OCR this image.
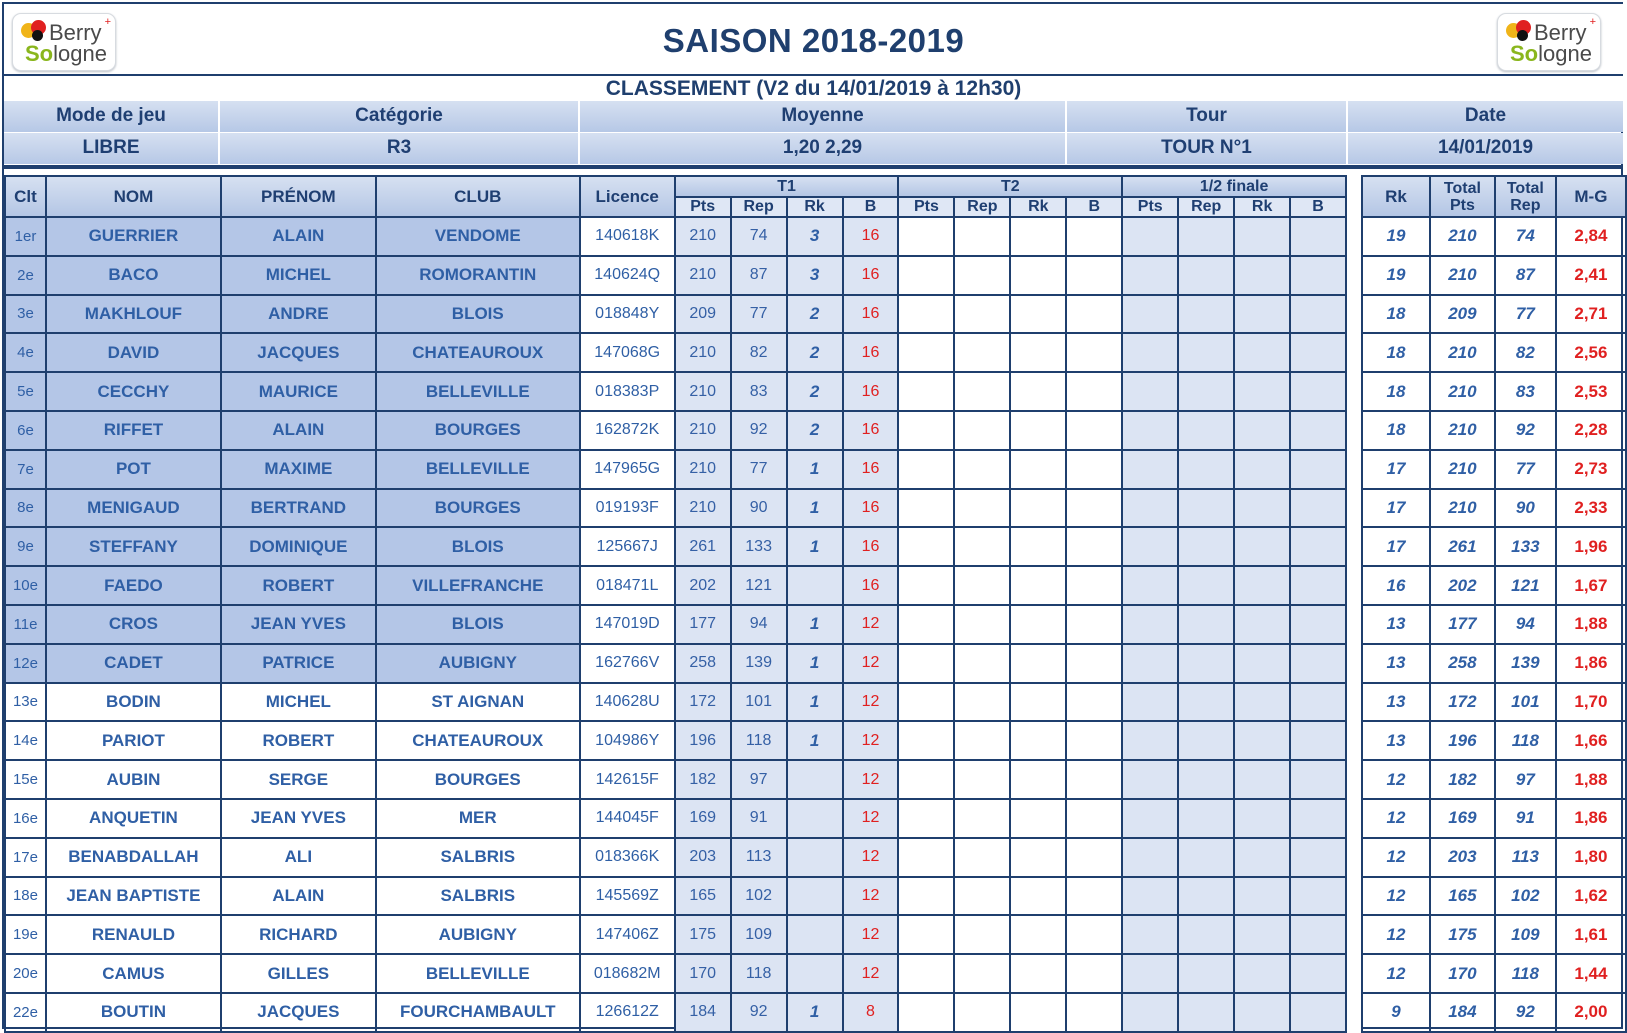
+
Berry
Sologne	SAISON 2018-2019	+
Berry
Sologne
CLASSEMENT (V2 du 14/01/2019 à 12h30)
Mode de jeu	Catégorie	Moyenne	Tour	Date
LIBRE	R3	1,20 2,29	TOUR N°1	14/01/2019
Clt	NOM	PRÉNOM	CLUB	Licence	T1				T2				1/2 finale					Rk	Total Pts	Total Rep	M-G
					Pts	Rep	Rk	B	Pts	Rep	Rk	B	Pts	Rep	Rk	B					
1er	GUERRIER	ALAIN	VENDOME	140618K	210	74	3	16										19	210	74	2,84
2e	BACO	MICHEL	ROMORANTIN	140624Q	210	87	3	16										19	210	87	2,41
3e	MAKHLOUF	ANDRE	BLOIS	018848Y	209	77	2	16										18	209	77	2,71
4e	DAVID	JACQUES	CHATEAUROUX	147068G	210	82	2	16										18	210	82	2,56
5e	CECCHY	MAURICE	BELLEVILLE	018383P	210	83	2	16										18	210	83	2,53
6e	RIFFET	ALAIN	BOURGES	162872K	210	92	2	16										18	210	92	2,28
7e	POT	MAXIME	BELLEVILLE	147965G	210	77	1	16										17	210	77	2,73
8e	MENIGAUD	BERTRAND	BOURGES	019193F	210	90	1	16										17	210	90	2,33
9e	STEFFANY	DOMINIQUE	BLOIS	125667J	261	133	1	16										17	261	133	1,96
10e	FAEDO	ROBERT	VILLEFRANCHE	018471L	202	121		16										16	202	121	1,67
11e	CROS	JEAN YVES	BLOIS	147019D	177	94	1	12										13	177	94	1,88
12e	CADET	PATRICE	AUBIGNY	162766V	258	139	1	12										13	258	139	1,86
13e	BODIN	MICHEL	ST AIGNAN	140628U	172	101	1	12										13	172	101	1,70
14e	PARIOT	ROBERT	CHATEAUROUX	104986Y	196	118	1	12										13	196	118	1,66
15e	AUBIN	SERGE	BOURGES	142615F	182	97		12										12	182	97	1,88
16e	ANQUETIN	JEAN YVES	MER	144045F	169	91		12										12	169	91	1,86
17e	BENABDALLAH	ALI	SALBRIS	018366K	203	113		12										12	203	113	1,80
18e	JEAN BAPTISTE	ALAIN	SALBRIS	145569Z	165	102		12										12	165	102	1,62
19e	RENAULD	RICHARD	AUBIGNY	147406Z	175	109		12										12	175	109	1,61
20e	CAMUS	GILLES	BELLEVILLE	018682M	170	118		12										12	170	118	1,44
22e	BOUTIN	JACQUES	FOURCHAMBAULT	126612Z	184	92	1	8										9	184	92	2,00
